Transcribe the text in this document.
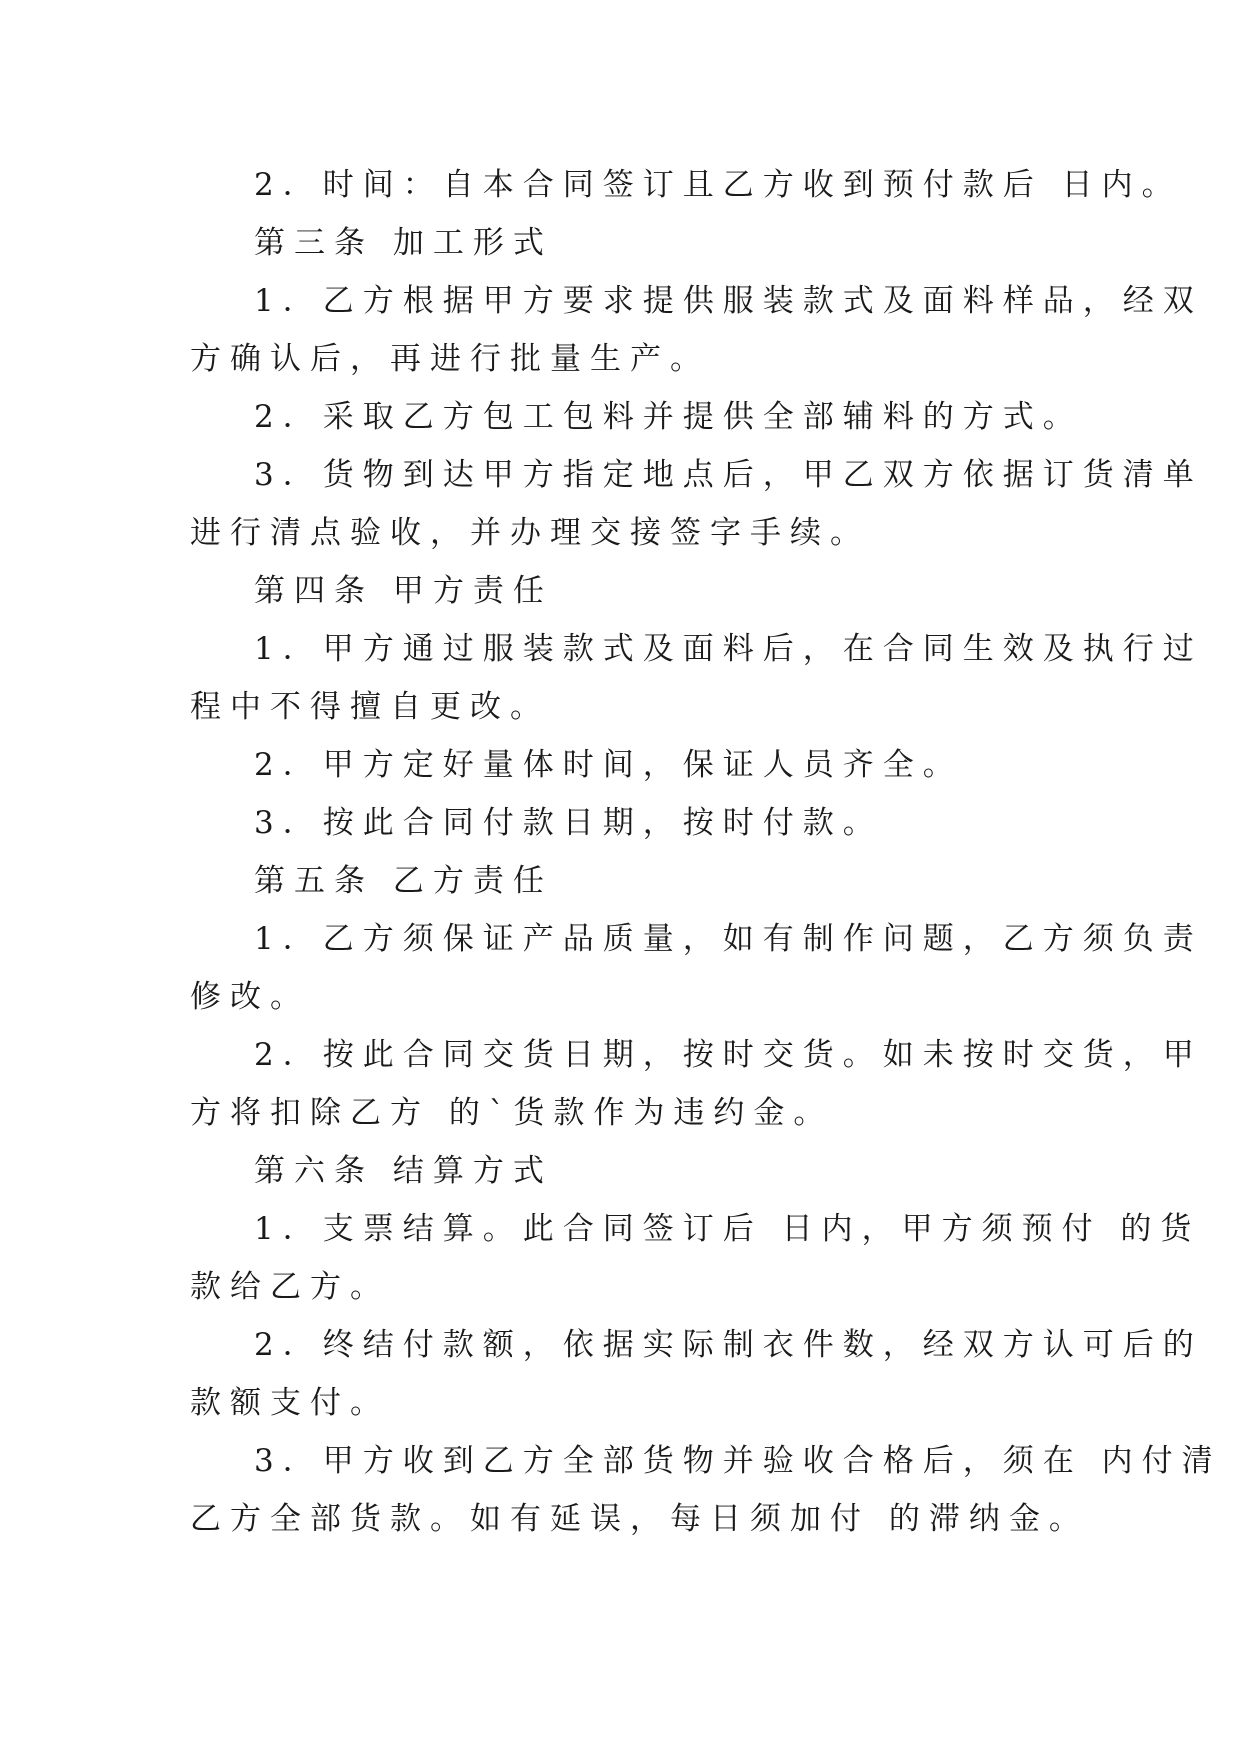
2．时间：自本合同签订且乙方收到预付款后 日内。
第三条 加工形式
1．乙方根据甲方要求提供服装款式及面料样品，经双
方确认后，再进行批量生产。
2．采取乙方包工包料并提供全部辅料的方式。
3．货物到达甲方指定地点后，甲乙双方依据订货清单
进行清点验收，并办理交接签字手续。
第四条 甲方责任
1．甲方通过服装款式及面料后，在合同生效及执行过
程中不得擅自更改。
2．甲方定好量体时间，保证人员齐全。
3．按此合同付款日期，按时付款。
第五条 乙方责任
1．乙方须保证产品质量，如有制作问题，乙方须负责
修改。
2．按此合同交货日期，按时交货。如未按时交货，甲
方将扣除乙方 的`货款作为违约金。
第六条 结算方式
1．支票结算。此合同签订后 日内，甲方须预付 的货
款给乙方。
2．终结付款额，依据实际制衣件数，经双方认可后的
款额支付。
3．甲方收到乙方全部货物并验收合格后，须在 内付清
乙方全部货款。如有延误，每日须加付 的滞纳金。
